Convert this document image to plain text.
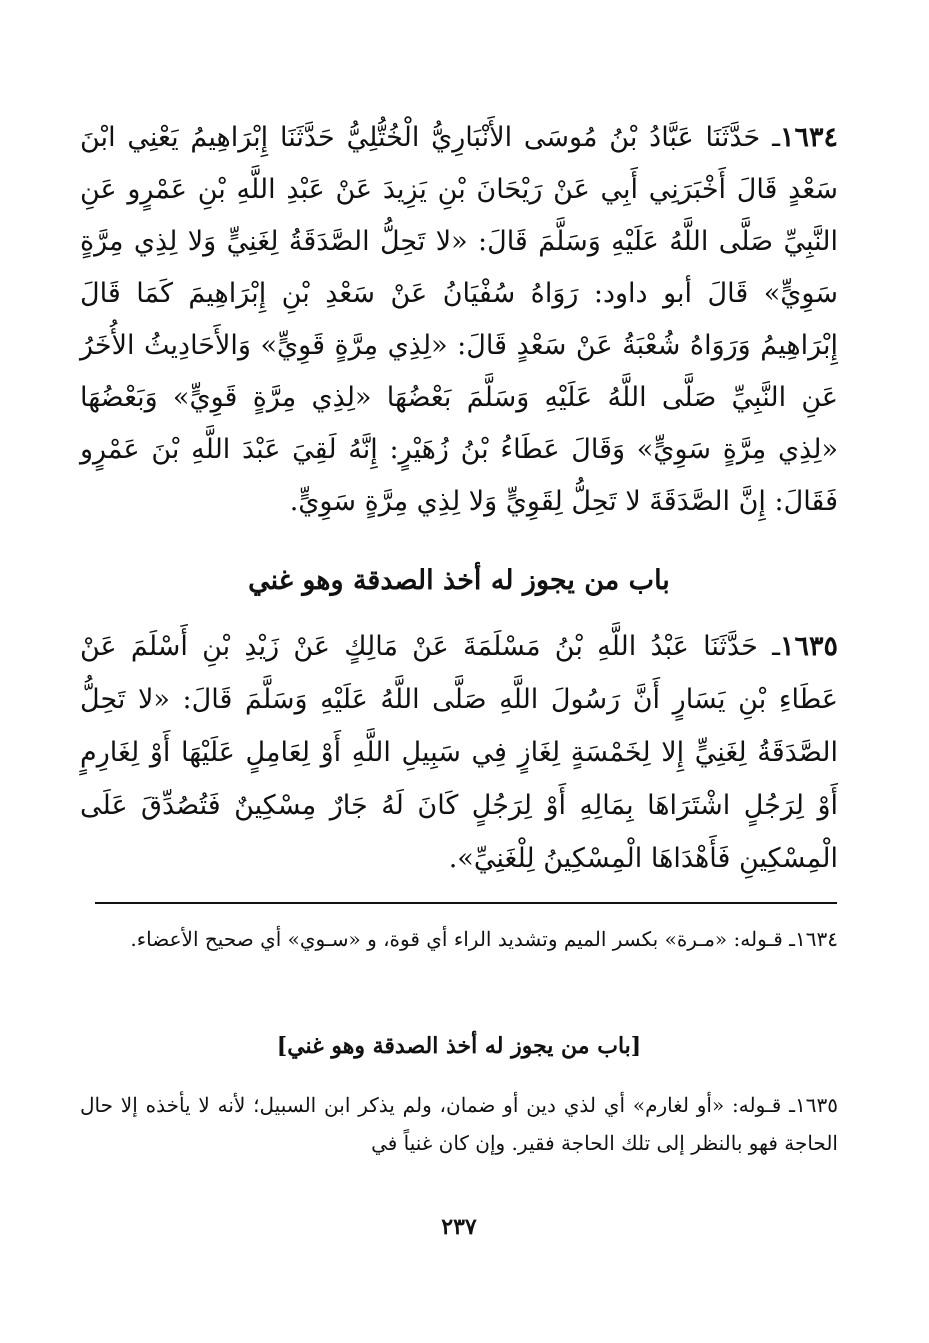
١٦٣٤ـ حَدَّثَنَا عَبَّادُ بْنُ مُوسَى الأَنْبَارِيُّ الْخُتُّلِيُّ حَدَّثَنَا إِبْرَاهِيمُ يَعْنِي ابْنَ سَعْدٍ قَالَ أَخْبَرَنِي أَبِي عَنْ رَيْحَانَ بْنِ يَزِيدَ عَنْ عَبْدِ اللَّهِ بْنِ عَمْرٍو عَنِ النَّبِيِّ صَلَّى اللَّهُ عَلَيْهِ وَسَلَّمَ قَالَ: «لا تَحِلُّ الصَّدَقَةُ لِغَنِيٍّ وَلا لِذِي مِرَّةٍ سَوِيٍّ» قَالَ أبو داود: رَوَاهُ سُفْيَانُ عَنْ سَعْدِ بْنِ إِبْرَاهِيمَ كَمَا قَالَ إِبْرَاهِيمُ وَرَوَاهُ شُعْبَةُ عَنْ سَعْدٍ قَالَ: «لِذِي مِرَّةٍ قَوِيٍّ» وَالأَحَادِيثُ الأُخَرُ عَنِ النَّبِيِّ صَلَّى اللَّهُ عَلَيْهِ وَسَلَّمَ بَعْضُهَا «لِذِي مِرَّةٍ قَوِيٍّ» وَبَعْضُهَا «لِذِي مِرَّةٍ سَوِيٍّ» وَقَالَ عَطَاءُ بْنُ زُهَيْرٍ: إِنَّهُ لَقِيَ عَبْدَ اللَّهِ بْنَ عَمْرٍو فَقَالَ: إِنَّ الصَّدَقَةَ لا تَحِلُّ لِقَوِيٍّ وَلا لِذِي مِرَّةٍ سَوِيٍّ.

باب من يجوز له أخذ الصدقة وهو غني

١٦٣٥ـ حَدَّثَنَا عَبْدُ اللَّهِ بْنُ مَسْلَمَةَ عَنْ مَالِكٍ عَنْ زَيْدِ بْنِ أَسْلَمَ عَنْ عَطَاءِ بْنِ يَسَارٍ أَنَّ رَسُولَ اللَّهِ صَلَّى اللَّهُ عَلَيْهِ وَسَلَّمَ قَالَ: «لا تَحِلُّ الصَّدَقَةُ لِغَنِيٍّ إِلا لِخَمْسَةٍ لِغَازٍ فِي سَبِيلِ اللَّهِ أَوْ لِعَامِلٍ عَلَيْهَا أَوْ لِغَارِمٍ أَوْ لِرَجُلٍ اشْتَرَاهَا بِمَالِهِ أَوْ لِرَجُلٍ كَانَ لَهُ جَارٌ مِسْكِينٌ فَتُصُدِّقَ عَلَى الْمِسْكِينِ فَأَهْدَاهَا الْمِسْكِينُ لِلْغَنِيِّ».

١٦٣٤ـ قـوله: «مـرة» بكسر الميم وتشديد الراء أي قوة، و «سـوي» أي صحيح الأعضاء.

[باب من يجوز له أخذ الصدقة وهو غني]

١٦٣٥ـ قـوله: «أو لغارم» أي لذي دين أو ضمان، ولم يذكر ابن السبيل؛ لأنه لا يأخذه إلا حال الحاجة فهو بالنظر إلى تلك الحاجة فقير. وإن كان غنياً في

٢٣٧
